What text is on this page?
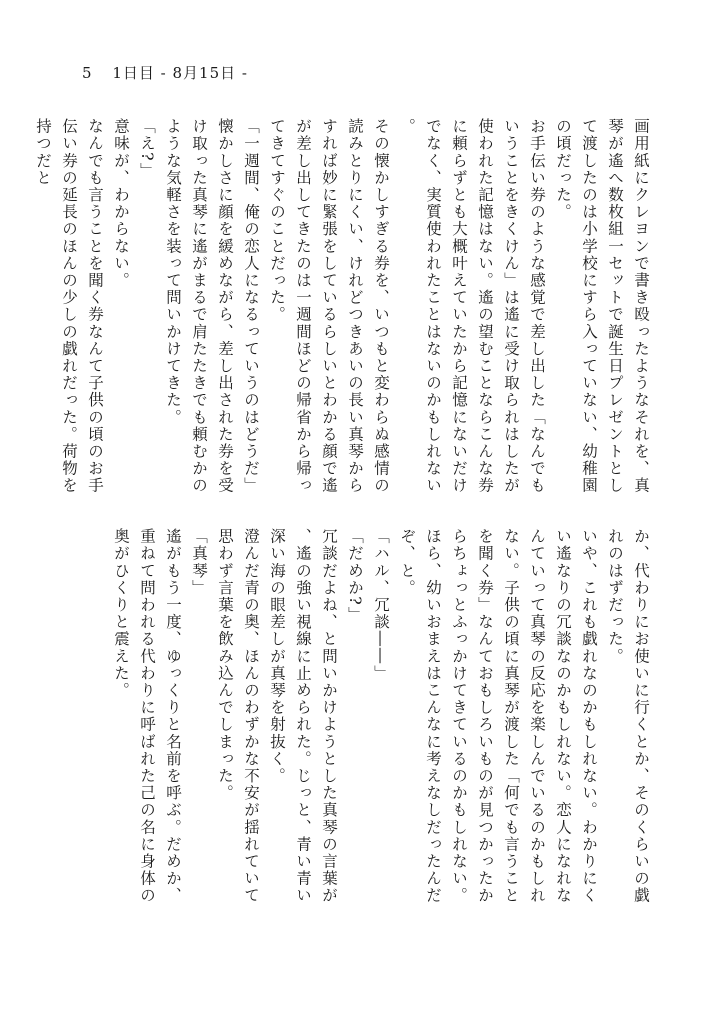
5 1日目 - 8月15日 -

画用紙にクレヨンで書き殴ったようなそれを、真琴が遙へ数枚組一セットで誕生日プレゼントとして渡したのは小学校にすら入っていない、幼稚園の頃だった。

お手伝い券のような感覚で差し出した「なんでもいうことをきくけん」は遙に受け取られはしたが使われた記憶はない。遙の望むことならこんな券に頼らずとも大概叶えていたから記憶にないだけでなく、実質使われたことはないのかもしれない。

その懐かしすぎる券を、いつもと変わらぬ感情の読みとりにくい、けれどつきあいの長い真琴からすれば妙に緊張をしているらしいとわかる顔で遙が差し出してきたのは一週間ほどの帰省から帰ってきてすぐのことだった。

「一週間、俺の恋人になるっていうのはどうだ」

懐かしさに顔を緩めながら、差し出された券を受け取った真琴に遙がまるで肩たたきでも頼むかのような気軽さを装って問いかけてきた。

「え?」

意味が、わからない。

なんでも言うことを聞く券なんて子供の頃のお手伝い券の延長のほんの少しの戯れだった。荷物を持つだと

か、代わりにお使いに行くとか、そのくらいの戯れのはずだった。

いや、これも戯れなのかもしれない。わかりにくい遙なりの冗談なのかもしれない。恋人になれなんていって真琴の反応を楽しんでいるのかもしれない。子供の頃に真琴が渡した「何でも言うことを聞く券」なんておもしろいものが見つかったからちょっとふっかけてきているのかもしれない。

ほら、幼いおまえはこんなに考えなしだったんだぞ、と。

「ハル、冗談――」

「だめか?」

冗談だよね、と問いかけようとした真琴の言葉が、遙の強い視線に止められた。じっと、青い青い深い海の眼差しが真琴を射抜く。

澄んだ青の奥、ほんのわずかな不安が揺れていて思わず言葉を飲み込んでしまった。

「真琴」

遙がもう一度、ゆっくりと名前を呼ぶ。だめか、重ねて問われる代わりに呼ばれた己の名に身体の奥がひくりと震えた。
